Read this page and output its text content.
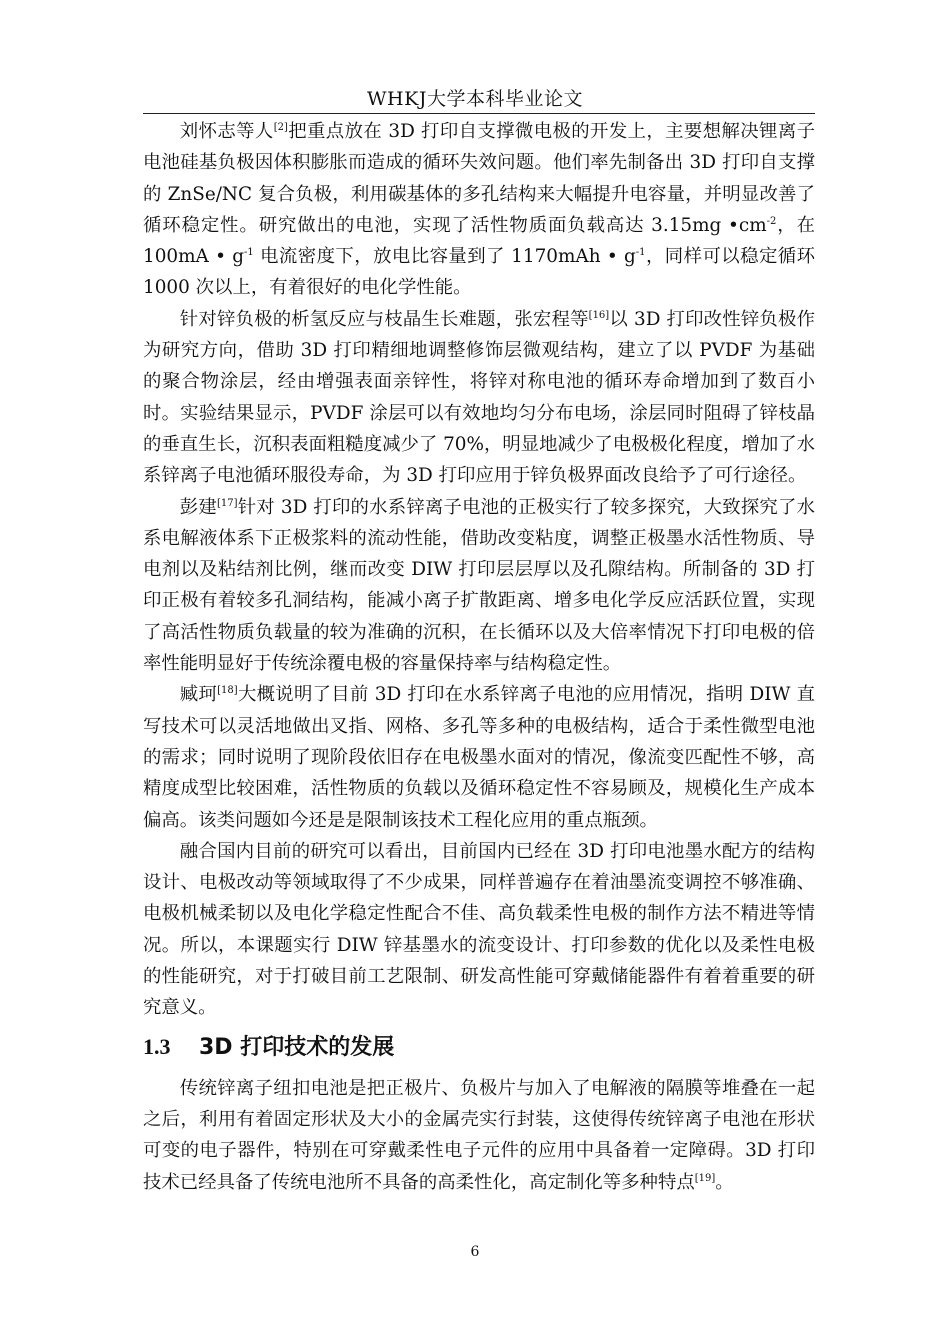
WHKJ大学本科毕业论文

刘怀志等人[2]把重点放在 3D 打印自支撑微电极的开发上，主要想解决锂离子电池硅基负极因体积膨胀而造成的循环失效问题。他们率先制备出 3D 打印自支撑的 ZnSe/NC 复合负极，利用碳基体的多孔结构来大幅提升电容量，并明显改善了循环稳定性。研究做出的电池，实现了活性物质面负载高达 3.15mg $•cm^{-2}$，在 100mA • $g^{-1}$ 电流密度下，放电比容量到了 1170mAh • $g^{-1}$，同样可以稳定循环 1000 次以上，有着很好的电化学性能。

针对锌负极的析氢反应与枝晶生长难题，张宏程等[16]以 3D 打印改性锌负极作为研究方向，借助 3D 打印精细地调整修饰层微观结构，建立了以 PVDF 为基础的聚合物涂层，经由增强表面亲锌性，将锌对称电池的循环寿命增加到了数百小时。实验结果显示，PVDF 涂层可以有效地均匀分布电场，涂层同时阻碍了锌枝晶的垂直生长，沉积表面粗糙度减少了 70%，明显地减少了电极极化程度，增加了水系锌离子电池循环服役寿命，为 3D 打印应用于锌负极界面改良给予了可行途径。

彭建[17]针对 3D 打印的水系锌离子电池的正极实行了较多探究，大致探究了水系电解液体系下正极浆料的流动性能，借助改变粘度，调整正极墨水活性物质、导电剂以及粘结剂比例，继而改变 DIW 打印层层厚以及孔隙结构。所制备的 3D 打印正极有着较多孔洞结构，能减小离子扩散距离、增多电化学反应活跃位置，实现了高活性物质负载量的较为准确的沉积，在长循环以及大倍率情况下打印电极的倍率性能明显好于传统涂覆电极的容量保持率与结构稳定性。

臧珂[18]大概说明了目前 3D 打印在水系锌离子电池的应用情况，指明 DIW 直写技术可以灵活地做出叉指、网格、多孔等多种的电极结构，适合于柔性微型电池的需求；同时说明了现阶段依旧存在电极墨水面对的情况，像流变匹配性不够，高精度成型比较困难，活性物质的负载以及循环稳定性不容易顾及，规模化生产成本偏高。该类问题如今还是是限制该技术工程化应用的重点瓶颈。

融合国内目前的研究可以看出，目前国内已经在 3D 打印电池墨水配方的结构设计、电极改动等领域取得了不少成果，同样普遍存在着油墨流变调控不够准确、电极机械柔韧以及电化学稳定性配合不佳、高负载柔性电极的制作方法不精进等情况。所以，本课题实行 DIW 锌基墨水的流变设计、打印参数的优化以及柔性电极的性能研究，对于打破目前工艺限制、研发高性能可穿戴储能器件有着着重要的研究意义。

1.3 3D 打印技术的发展

传统锌离子纽扣电池是把正极片、负极片与加入了电解液的隔膜等堆叠在一起之后，利用有着固定形状及大小的金属壳实行封装，这使得传统锌离子电池在形状可变的电子器件，特别在可穿戴柔性电子元件的应用中具备着一定障碍。3D 打印技术已经具备了传统电池所不具备的高柔性化，高定制化等多种特点[19]。

6
